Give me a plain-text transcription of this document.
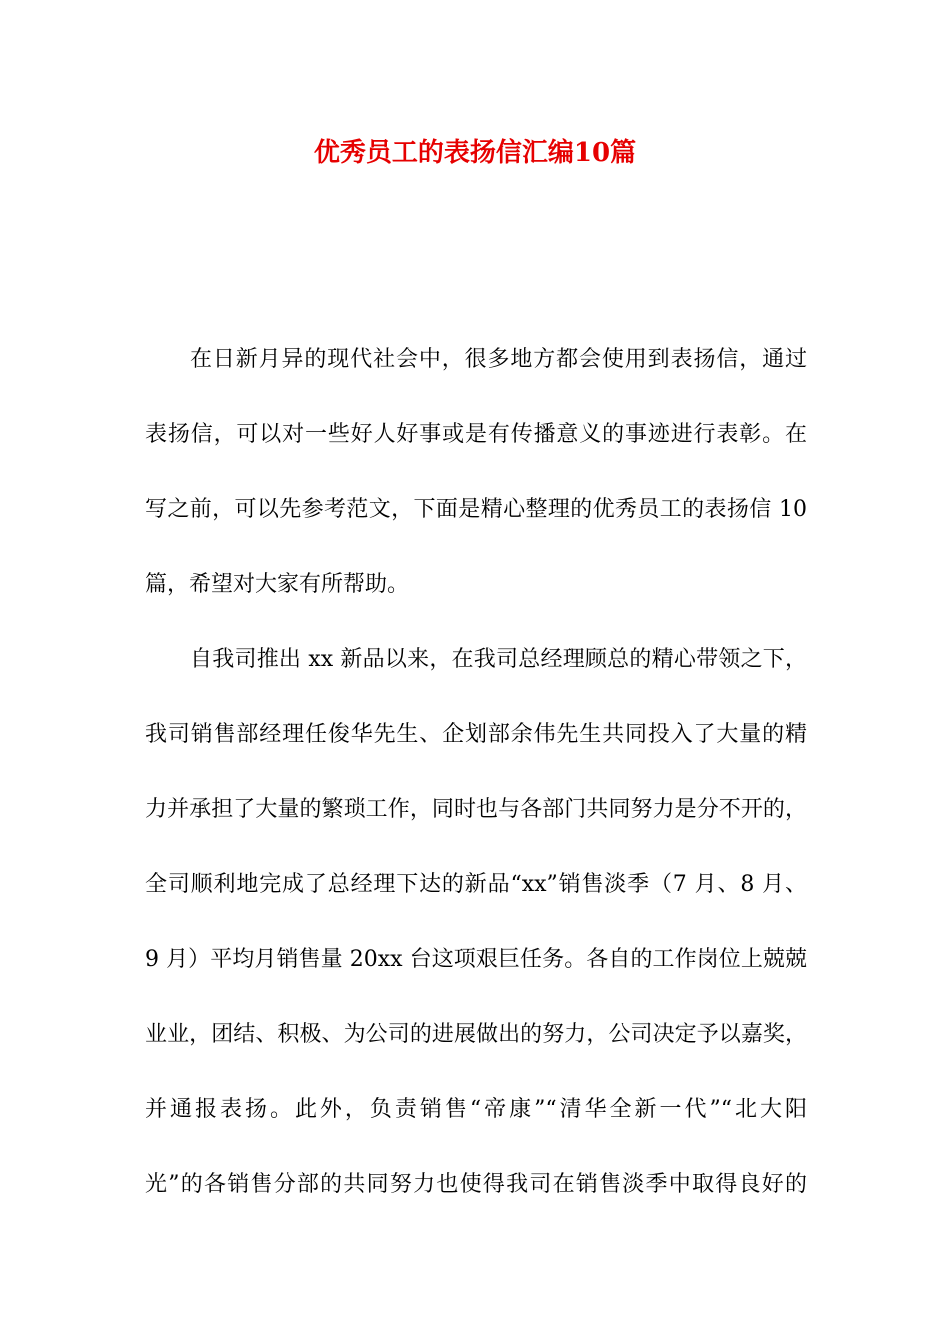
优秀员工的表扬信汇编10篇
在日新月异的现代社会中，很多地方都会使用到表扬信，通过
表扬信，可以对一些好人好事或是有传播意义的事迹进行表彰。在
写之前，可以先参考范文，下面是精心整理的优秀员工的表扬信 10
篇，希望对大家有所帮助。
自我司推出 xx 新品以来，在我司总经理顾总的精心带领之下，
我司销售部经理任俊华先生、企划部余伟先生共同投入了大量的精
力并承担了大量的繁琐工作，同时也与各部门共同努力是分不开的，
全司顺利地完成了总经理下达的新品“xx”销售淡季（7 月、8 月、
9 月）平均月销售量 20xx 台这项艰巨任务。各自的工作岗位上兢兢
业业，团结、积极、为公司的进展做出的努力，公司决定予以嘉奖，
并通报表扬。此外，负责销售“帝康”“清华全新一代”“北大阳
光”的各销售分部的共同努力也使得我司在销售淡季中取得良好的
